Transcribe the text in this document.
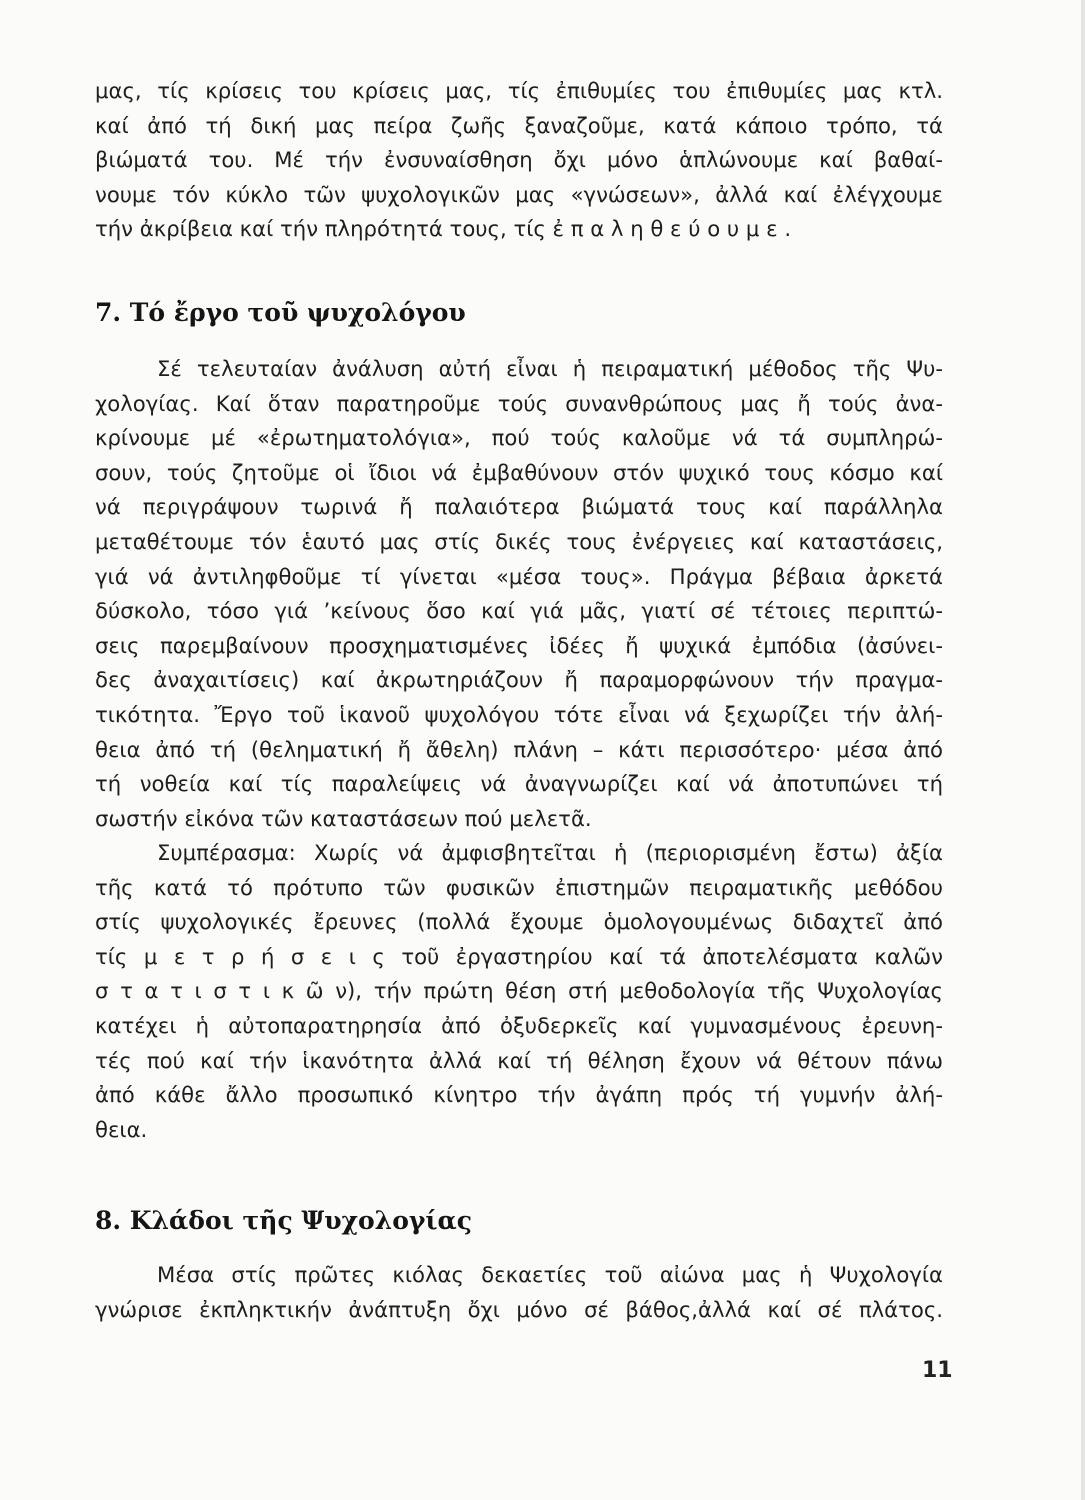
μας, τίς κρίσεις του κρίσεις μας, τίς ἐπιθυμίες του ἐπιθυμίες μας κτλ.
καί ἀπό τή δική μας πείρα ζωῆς ξαναζοῦμε, κατά κάποιο τρόπο, τά
βιώματά του. Μέ τήν ἐνσυναίσθηση ὄχι μόνο ἁπλώνουμε καί βαθαί-
νουμε τόν κύκλο τῶν ψυχολογικῶν μας «γνώσεων», ἀλλά καί ἐλέγχουμε
τήν ἀκρίβεια καί τήν πληρότητά τους, τίς ἐ π α λ η θ ε ύ ο υ μ ε .
7. Τό ἔργο τοῦ ψυχολόγου
Σέ τελευταίαν ἀνάλυση αὐτή εἶναι ἡ πειραματική μέθοδος τῆς Ψυ-
χολογίας. Καί ὅταν παρατηροῦμε τούς συνανθρώπους μας ἤ τούς ἀνα-
κρίνουμε μέ «ἐρωτηματολόγια», πού τούς καλοῦμε νά τά συμπληρώ-
σουν, τούς ζητοῦμε οἱ ἴδιοι νά ἐμβαθύνουν στόν ψυχικό τους κόσμο καί
νά περιγράψουν τωρινά ἤ παλαιότερα βιώματά τους καί παράλληλα
μεταθέτουμε τόν ἑαυτό μας στίς δικές τους ἐνέργειες καί καταστάσεις,
γιά νά ἀντιληφθοῦμε τί γίνεται «μέσα τους». Πράγμα βέβαια ἀρκετά
δύσκολο, τόσο γιά ’κείνους ὅσο καί γιά μᾶς, γιατί σέ τέτοιες περιπτώ-
σεις παρεμβαίνουν προσχηματισμένες ἰδέες ἤ ψυχικά ἐμπόδια (ἀσύνει-
δες ἀναχαιτίσεις) καί ἀκρωτηριάζουν ἤ παραμορφώνουν τήν πραγμα-
τικότητα. Ἔργο τοῦ ἱκανοῦ ψυχολόγου τότε εἶναι νά ξεχωρίζει τήν ἀλή-
θεια ἀπό τή (θεληματική ἤ ἄθελη) πλάνη – κάτι περισσότερο· μέσα ἀπό
τή νοθεία καί τίς παραλείψεις νά ἀναγνωρίζει καί νά ἀποτυπώνει τή
σωστήν εἰκόνα τῶν καταστάσεων πού μελετᾶ.
Συμπέρασμα: Χωρίς νά ἀμφισβητεῖται ἡ (περιορισμένη ἔστω) ἀξία
τῆς κατά τό πρότυπο τῶν φυσικῶν ἐπιστημῶν πειραματικῆς μεθόδου
στίς ψυχολογικές ἔρευνες (πολλά ἔχουμε ὁμολογουμένως διδαχτεῖ ἀπό
τίς μ ε τ ρ ή σ ε ι ς τοῦ ἐργαστηρίου καί τά ἀποτελέσματα καλῶν
σ τ α τ ι σ τ ι κ ῶ ν), τήν πρώτη θέση στή μεθοδολογία τῆς Ψυχολογίας
κατέχει ἡ αὐτοπαρατηρησία ἀπό ὀξυδερκεῖς καί γυμνασμένους ἐρευνη-
τές πού καί τήν ἱκανότητα ἀλλά καί τή θέληση ἔχουν νά θέτουν πάνω
ἀπό κάθε ἄλλο προσωπικό κίνητρο τήν ἀγάπη πρός τή γυμνήν ἀλή-
θεια.
8. Κλάδοι τῆς Ψυχολογίας
Μέσα στίς πρῶτες κιόλας δεκαετίες τοῦ αἰώνα μας ἡ Ψυχολογία
γνώρισε ἐκπληκτικήν ἀνάπτυξη ὄχι μόνο σέ βάθος,ἀλλά καί σέ πλάτος.
11
